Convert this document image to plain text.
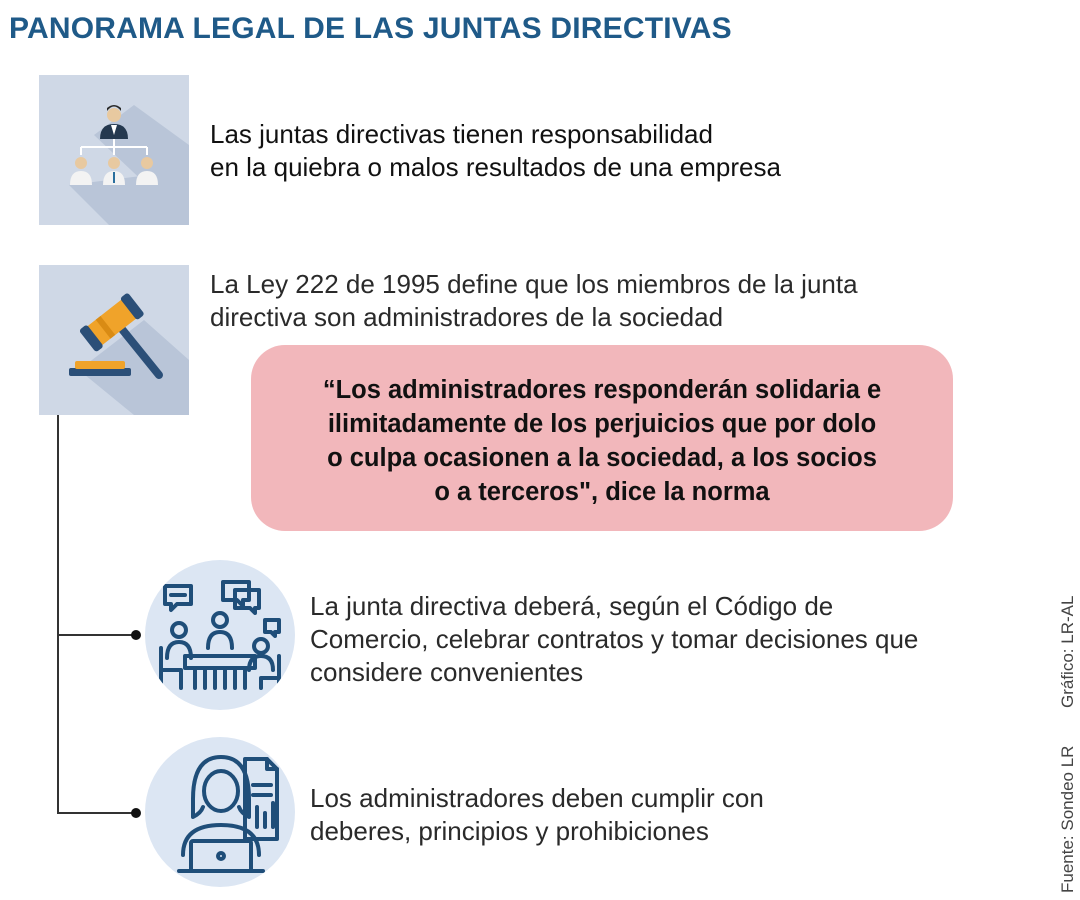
PANORAMA LEGAL DE LAS JUNTAS DIRECTIVAS
Las juntas directivas tienen responsabilidad
en la quiebra o malos resultados de una empresa
La Ley 222 de 1995 define que los miembros de la junta
directiva son administradores de la sociedad
“Los administradores responderán solidaria e
ilimitadamente de los perjuicios que por dolo
o culpa ocasionen a la sociedad, a los socios
o a terceros", dice la norma
La junta directiva deberá, según el Código de
Comercio, celebrar contratos y tomar decisiones que
considere convenientes
Los administradores deben cumplir con
deberes, principios y prohibiciones	Fuente: Sondeo LR
Gráfico: LR-AL
